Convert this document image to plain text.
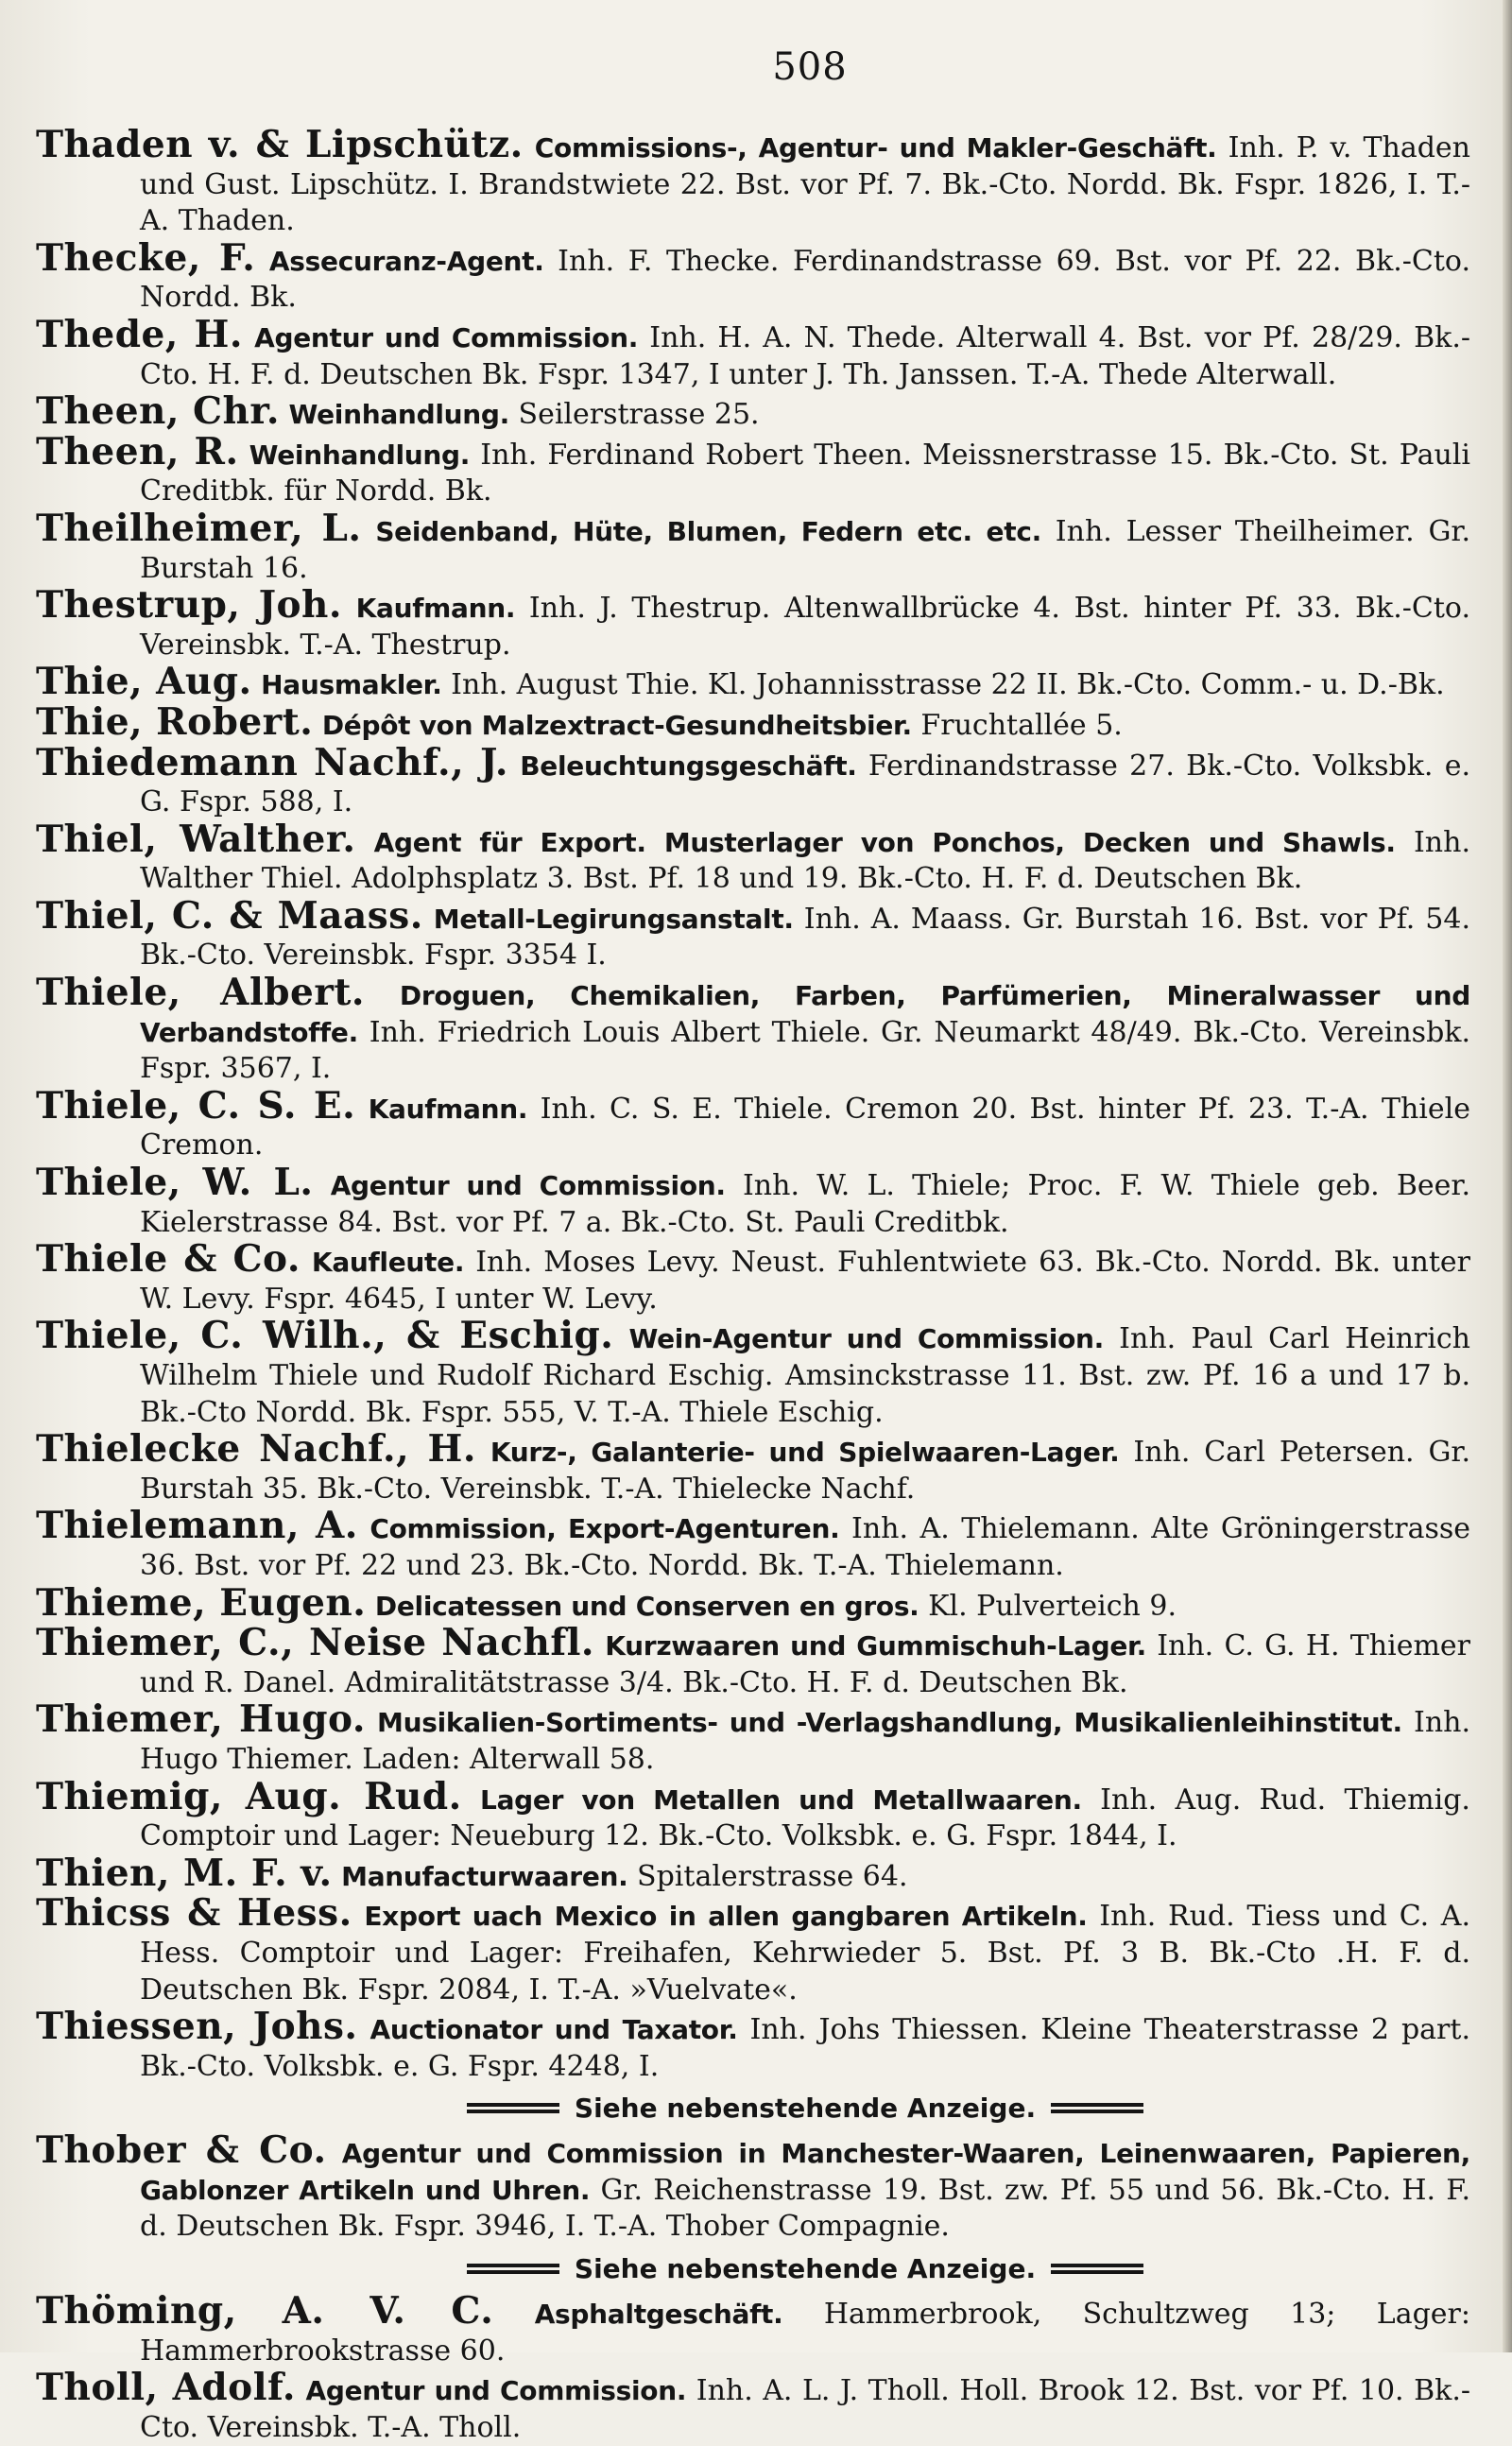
508
Thaden v. & Lipschütz. Commissions-, Agentur- und Makler-Geschäft. Inh. P. v. Thaden und Gust. Lipschütz. I. Brandstwiete 22. Bst. vor Pf. 7. Bk.-Cto. Nordd. Bk. Fspr. 1826, I. T.-A. Thaden.
Thecke, F. Assecuranz-Agent. Inh. F. Thecke. Ferdinandstrasse 69. Bst. vor Pf. 22. Bk.-Cto. Nordd. Bk.
Thede, H. Agentur und Commission. Inh. H. A. N. Thede. Alterwall 4. Bst. vor Pf. 28/29. Bk.-Cto. H. F. d. Deutschen Bk. Fspr. 1347, I unter J. Th. Janssen. T.-A. Thede Alterwall.
Theen, Chr. Weinhandlung. Seilerstrasse 25.
Theen, R. Weinhandlung. Inh. Ferdinand Robert Theen. Meissnerstrasse 15. Bk.-Cto. St. Pauli Creditbk. für Nordd. Bk.
Theilheimer, L. Seidenband, Hüte, Blumen, Federn etc. etc. Inh. Lesser Theilheimer. Gr. Burstah 16.
Thestrup, Joh. Kaufmann. Inh. J. Thestrup. Altenwallbrücke 4. Bst. hinter Pf. 33. Bk.-Cto. Vereinsbk. T.-A. Thestrup.
Thie, Aug. Hausmakler. Inh. August Thie. Kl. Johannisstrasse 22 II. Bk.-Cto. Comm.- u. D.-Bk.
Thie, Robert. Dépôt von Malzextract-Gesundheitsbier. Fruchtallée 5.
Thiedemann Nachf., J. Beleuchtungsgeschäft. Ferdinandstrasse 27. Bk.-Cto. Volksbk. e. G. Fspr. 588, I.
Thiel, Walther. Agent für Export. Musterlager von Ponchos, Decken und Shawls. Inh. Walther Thiel. Adolphsplatz 3. Bst. Pf. 18 und 19. Bk.-Cto. H. F. d. Deutschen Bk.
Thiel, C. & Maass. Metall-Legirungsanstalt. Inh. A. Maass. Gr. Burstah 16. Bst. vor Pf. 54. Bk.-Cto. Vereinsbk. Fspr. 3354 I.
Thiele, Albert. Droguen, Chemikalien, Farben, Parfümerien, Mineralwasser und Verbandstoffe. Inh. Friedrich Louis Albert Thiele. Gr. Neumarkt 48/49. Bk.-Cto. Vereinsbk. Fspr. 3567, I.
Thiele, C. S. E. Kaufmann. Inh. C. S. E. Thiele. Cremon 20. Bst. hinter Pf. 23. T.-A. Thiele Cremon.
Thiele, W. L. Agentur und Commission. Inh. W. L. Thiele; Proc. F. W. Thiele geb. Beer. Kielerstrasse 84. Bst. vor Pf. 7 a. Bk.-Cto. St. Pauli Creditbk.
Thiele & Co. Kaufleute. Inh. Moses Levy. Neust. Fuhlentwiete 63. Bk.-Cto. Nordd. Bk. unter W. Levy. Fspr. 4645, I unter W. Levy.
Thiele, C. Wilh., & Eschig. Wein-Agentur und Commission. Inh. Paul Carl Heinrich Wilhelm Thiele und Rudolf Richard Eschig. Amsinckstrasse 11. Bst. zw. Pf. 16 a und 17 b. Bk.-Cto Nordd. Bk. Fspr. 555, V. T.-A. Thiele Eschig.
Thielecke Nachf., H. Kurz-, Galanterie- und Spielwaaren-Lager. Inh. Carl Petersen. Gr. Burstah 35. Bk.-Cto. Vereinsbk. T.-A. Thielecke Nachf.
Thielemann, A. Commission, Export-Agenturen. Inh. A. Thielemann. Alte Gröningerstrasse 36. Bst. vor Pf. 22 und 23. Bk.-Cto. Nordd. Bk. T.-A. Thielemann.
Thieme, Eugen. Delicatessen und Conserven en gros. Kl. Pulverteich 9.
Thiemer, C., Neise Nachfl. Kurzwaaren und Gummischuh-Lager. Inh. C. G. H. Thiemer und R. Danel. Admiralitätstrasse 3/4. Bk.-Cto. H. F. d. Deutschen Bk.
Thiemer, Hugo. Musikalien-Sortiments- und -Verlagshandlung, Musikalienleihinstitut. Inh. Hugo Thiemer. Laden: Alterwall 58.
Thiemig, Aug. Rud. Lager von Metallen und Metallwaaren. Inh. Aug. Rud. Thiemig. Comptoir und Lager: Neueburg 12. Bk.-Cto. Volksbk. e. G. Fspr. 1844, I.
Thien, M. F. v. Manufacturwaaren. Spitalerstrasse 64.
Thicss & Hess. Export uach Mexico in allen gangbaren Artikeln. Inh. Rud. Tiess und C. A. Hess. Comptoir und Lager: Freihafen, Kehrwieder 5. Bst. Pf. 3 B. Bk.-Cto .H. F. d. Deutschen Bk. Fspr. 2084, I. T.-A. »Vuelvate«.
Thiessen, Johs. Auctionator und Taxator. Inh. Johs Thiessen. Kleine Theaterstrasse 2 part. Bk.-Cto. Volksbk. e. G. Fspr. 4248, I.
Siehe nebenstehende Anzeige.
Thober & Co. Agentur und Commission in Manchester-Waaren, Leinenwaaren, Papieren, Gablonzer Artikeln und Uhren. Gr. Reichenstrasse 19. Bst. zw. Pf. 55 und 56. Bk.-Cto. H. F. d. Deutschen Bk. Fspr. 3946, I. T.-A. Thober Compagnie.
Siehe nebenstehende Anzeige.
Thöming, A. V. C. Asphaltgeschäft. Hammerbrook, Schultzweg 13; Lager: Hammerbrookstrasse 60.
Tholl, Adolf. Agentur und Commission. Inh. A. L. J. Tholl. Holl. Brook 12. Bst. vor Pf. 10. Bk.-Cto. Vereinsbk. T.-A. Tholl.
